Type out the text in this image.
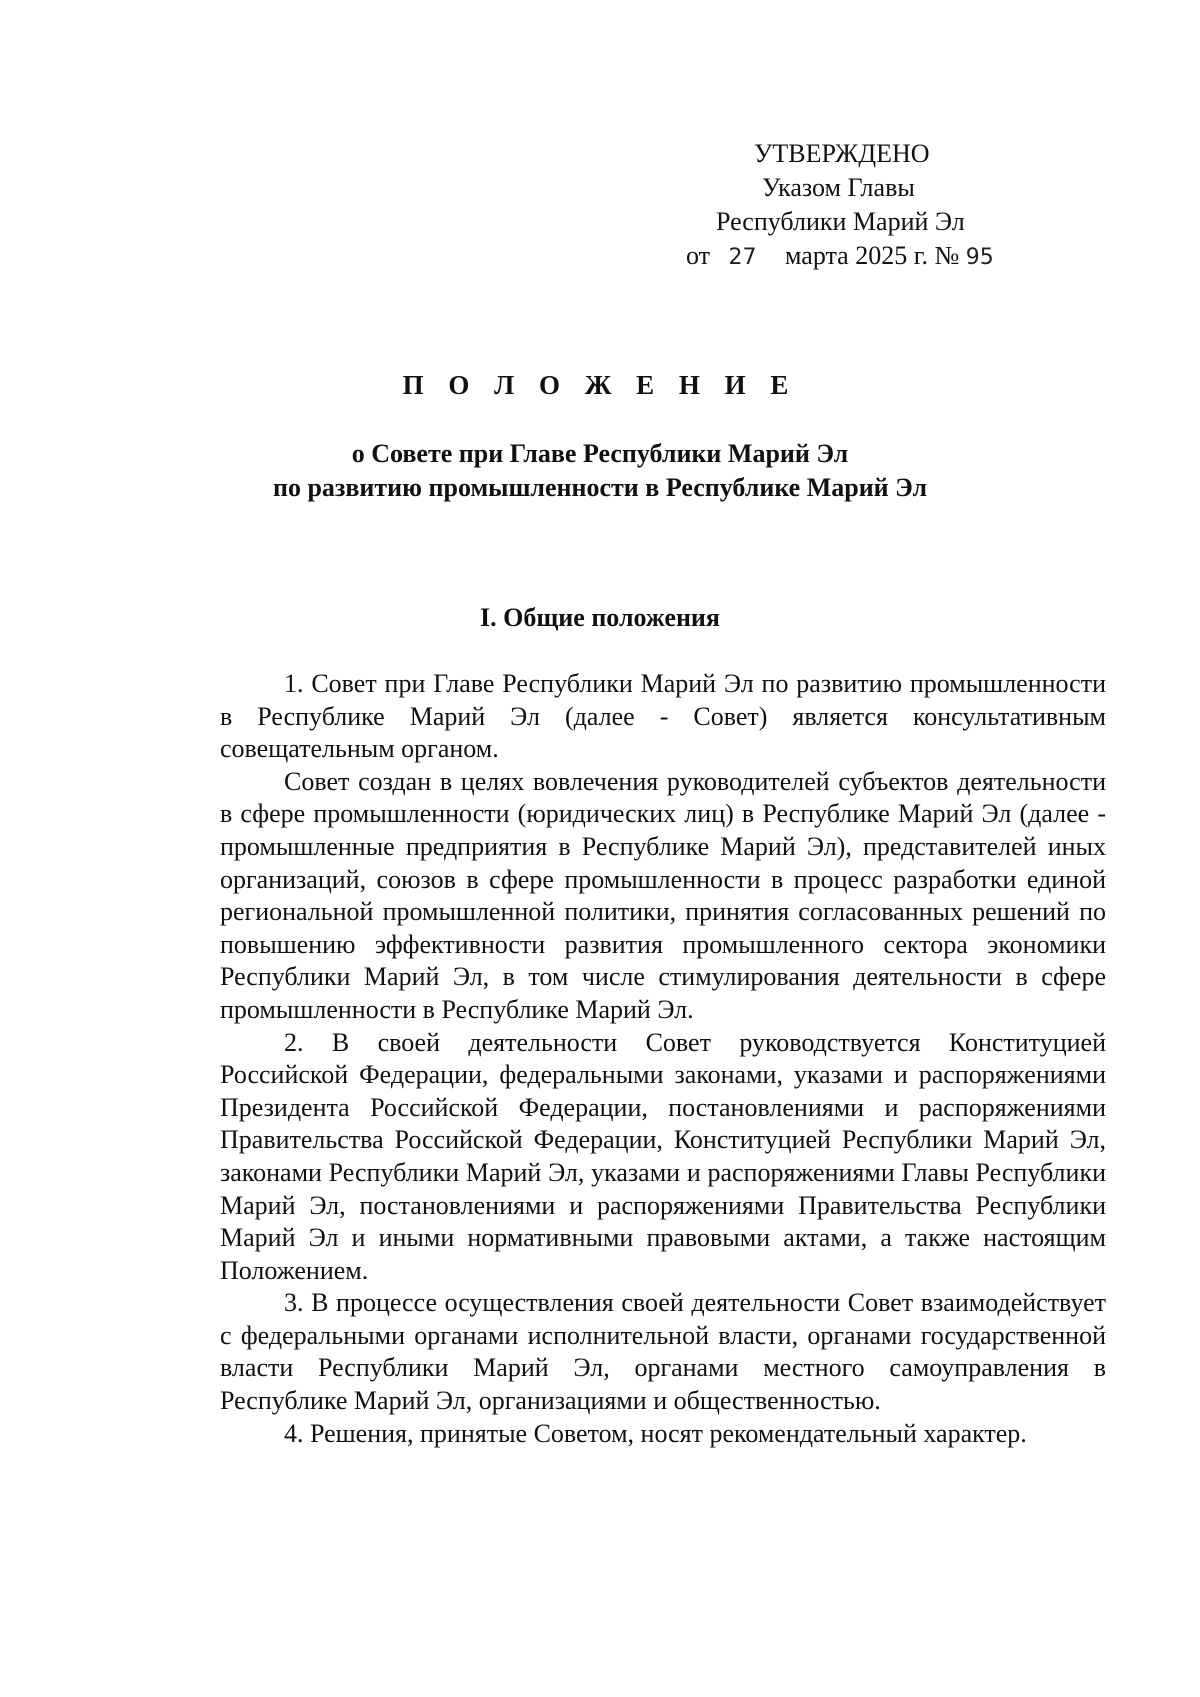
УТВЕРЖДЕНО
Указом Главы
Республики Марий Эл
от 27 марта 2025 г. № 95
П О Л О Ж Е Н И Е
о Совете при Главе Республики Марий Эл
по развитию промышленности в Республике Марий Эл
I. Общие положения

1. Совет при Главе Республики Марий Эл по развитию промышленности в Республике Марий Эл (далее - Совет) является консультативным совещательным органом.

Совет создан в целях вовлечения руководителей субъектов деятельности в сфере промышленности (юридических лиц) в Республике Марий Эл (далее - промышленные предприятия в Республике Марий Эл), представителей иных организаций, союзов в сфере промышленности в процесс разработки единой региональной промышленной политики, принятия согласованных решений по повышению эффективности развития промышленного сектора экономики Республики Марий Эл, в том числе стимулирования деятельности в сфере промышленности в Республике Марий Эл.

2. В своей деятельности Совет руководствуется Конституцией Российской Федерации, федеральными законами, указами и распоряжениями Президента Российской Федерации, постановлениями и распоряжениями Правительства Российской Федерации, Конституцией Республики Марий Эл, законами Республики Марий Эл, указами и распоряжениями Главы Республики Марий Эл, постановлениями и распоряжениями Правительства Республики Марий Эл и иными нормативными правовыми актами, а также настоящим Положением.

3. В процессе осуществления своей деятельности Совет взаимодействует с федеральными органами исполнительной власти, органами государственной власти Республики Марий Эл, органами местного самоуправления в Республике Марий Эл, организациями и общественностью.

4. Решения, принятые Советом, носят рекомендательный характер.
